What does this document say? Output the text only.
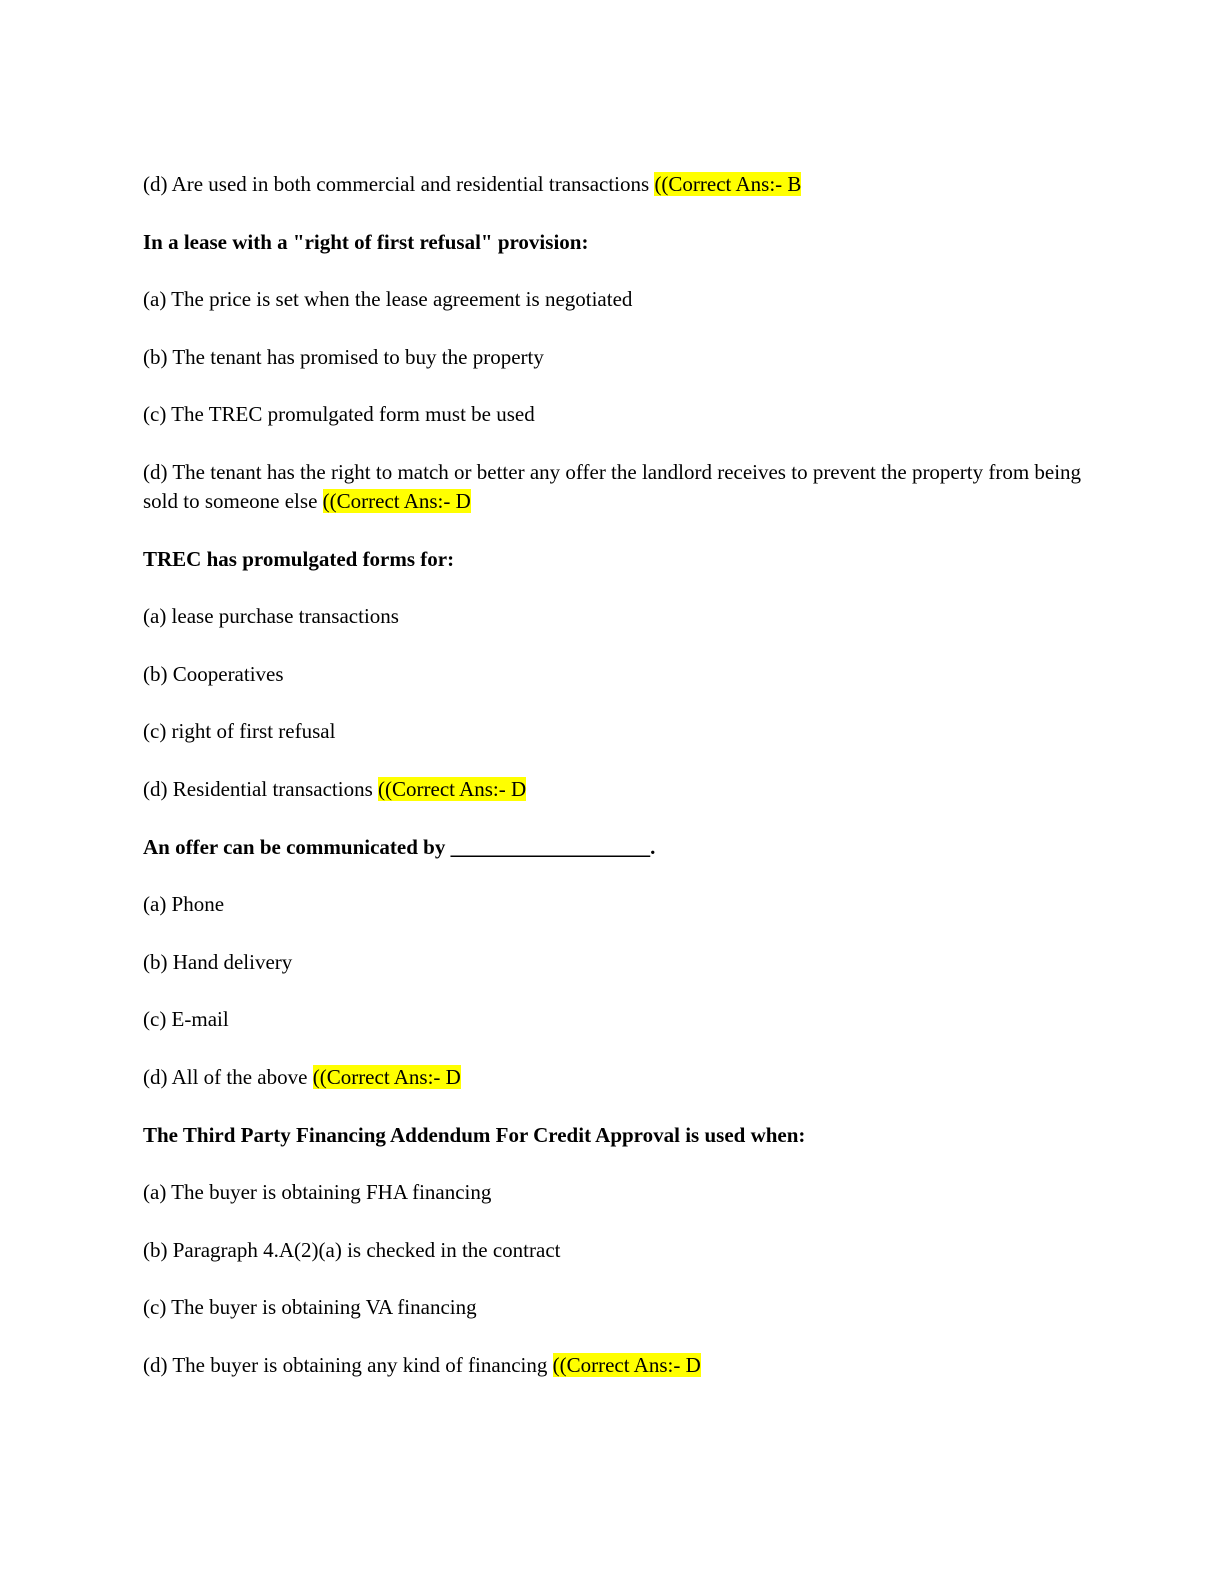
(d) Are used in both commercial and residential transactions ((Correct Ans:- B
In a lease with a "right of first refusal" provision:
(a) The price is set when the lease agreement is negotiated
(b) The tenant has promised to buy the property
(c) The TREC promulgated form must be used
(d) The tenant has the right to match or better any offer the landlord receives to prevent the property from being sold to someone else ((Correct Ans:- D
TREC has promulgated forms for:
(a) lease purchase transactions
(b) Cooperatives
(c) right of first refusal
(d) Residential transactions ((Correct Ans:- D
An offer can be communicated by ___________________.
(a) Phone
(b) Hand delivery
(c) E-mail
(d) All of the above ((Correct Ans:- D
The Third Party Financing Addendum For Credit Approval is used when:
(a) The buyer is obtaining FHA financing
(b) Paragraph 4.A(2)(a) is checked in the contract
(c) The buyer is obtaining VA financing
(d) The buyer is obtaining any kind of financing ((Correct Ans:- D
